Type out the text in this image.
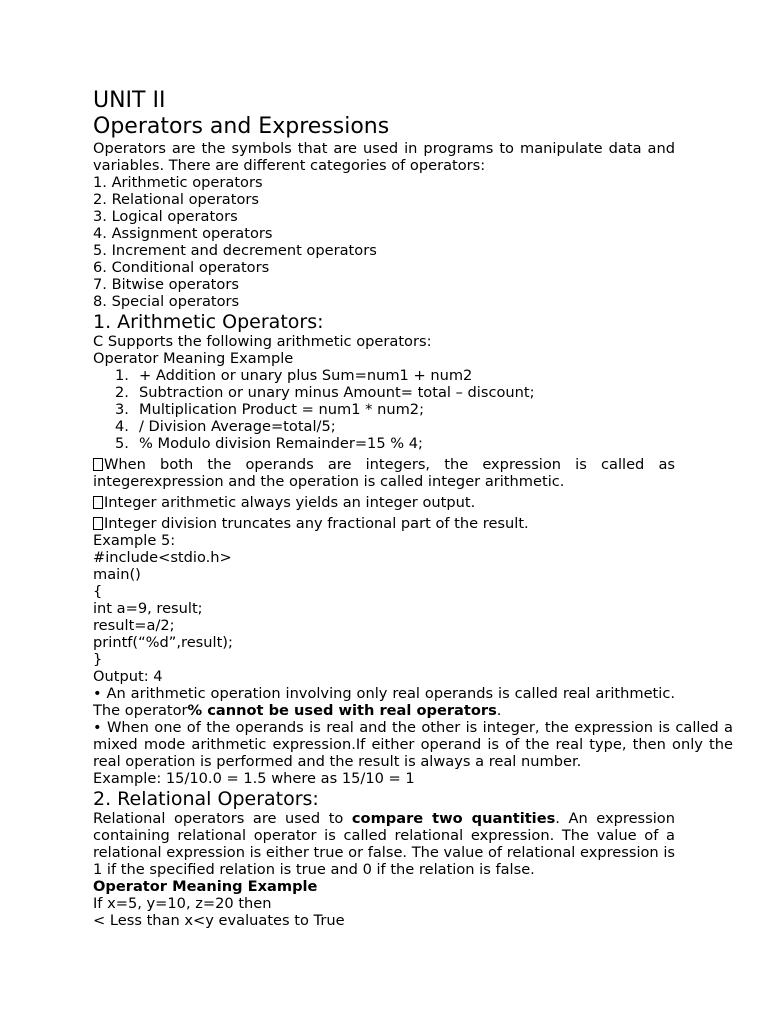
UNIT II
Operators and Expressions
Operators are the symbols that are used in programs to manipulate data and variables. There are different categories of operators:
1. Arithmetic operators
2. Relational operators
3. Logical operators
4. Assignment operators
5. Increment and decrement operators
6. Conditional operators
7. Bitwise operators
8. Special operators
1. Arithmetic Operators:
C Supports the following arithmetic operators:
Operator Meaning Example
1. + Addition or unary plus Sum=num1 + num2
2. Subtraction or unary minus Amount= total – discount;
3. Multiplication Product = num1 * num2;
4. / Division Average=total/5;
5. % Modulo division Remainder=15 % 4;
When both the operands are integers, the expression is called as integerexpression and the operation is called integer arithmetic.
Integer arithmetic always yields an integer output.
Integer division truncates any fractional part of the result.
Example 5:
#include<stdio.h>
main()
{
int a=9, result;
result=a/2;
printf(“%d”,result);
}
Output: 4
• An arithmetic operation involving only real operands is called real arithmetic. The operator% cannot be used with real operators.
• When one of the operands is real and the other is integer, the expression is called a mixed mode arithmetic expression.If either operand is of the real type, then only the real operation is performed and the result is always a real number.
Example: 15/10.0 = 1.5 where as 15/10 = 1
2. Relational Operators:
Relational operators are used to compare two quantities. An expression containing relational operator is called relational expression. The value of a relational expression is either true or false. The value of relational expression is 1 if the specified relation is true and 0 if the relation is false.
Operator Meaning Example
If x=5, y=10, z=20 then
< Less than x<y evaluates to True
